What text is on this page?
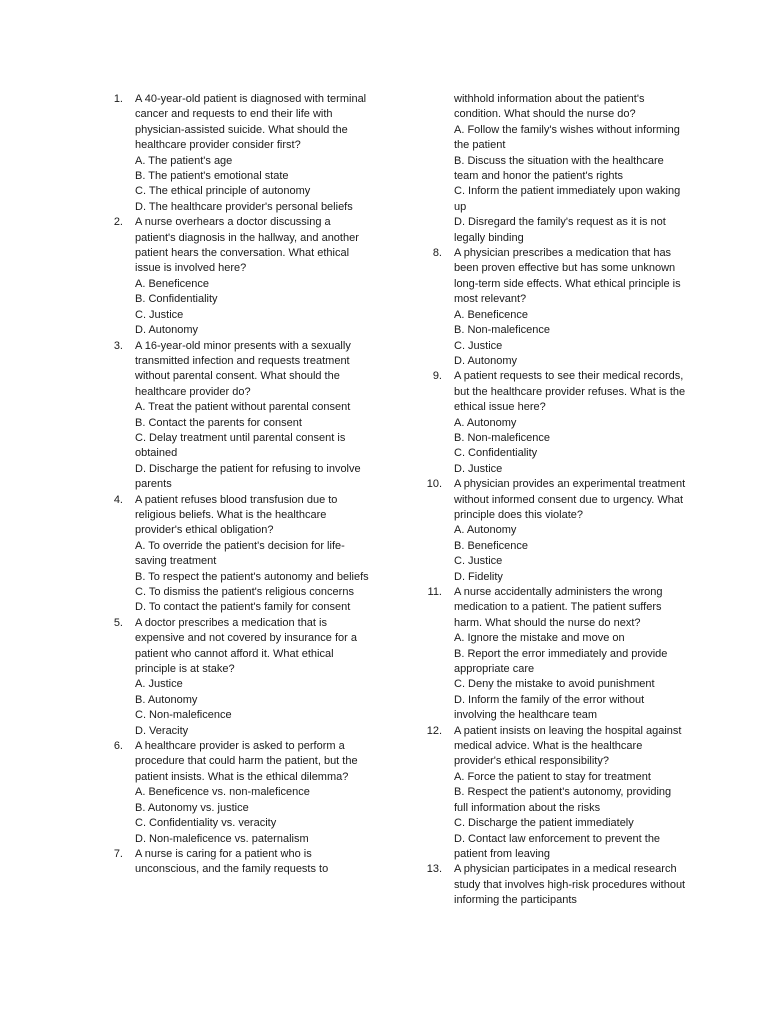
1. A 40-year-old patient is diagnosed with terminal cancer and requests to end their life with physician-assisted suicide. What should the healthcare provider consider first?
A. The patient's age
B. The patient's emotional state
C. The ethical principle of autonomy
D. The healthcare provider's personal beliefs
2. A nurse overhears a doctor discussing a patient's diagnosis in the hallway, and another patient hears the conversation. What ethical issue is involved here?
A. Beneficence
B. Confidentiality
C. Justice
D. Autonomy
3. A 16-year-old minor presents with a sexually transmitted infection and requests treatment without parental consent. What should the healthcare provider do?
A. Treat the patient without parental consent
B. Contact the parents for consent
C. Delay treatment until parental consent is obtained
D. Discharge the patient for refusing to involve parents
4. A patient refuses blood transfusion due to religious beliefs. What is the healthcare provider's ethical obligation?
A. To override the patient's decision for life-saving treatment
B. To respect the patient's autonomy and beliefs
C. To dismiss the patient's religious concerns
D. To contact the patient's family for consent
5. A doctor prescribes a medication that is expensive and not covered by insurance for a patient who cannot afford it. What ethical principle is at stake?
A. Justice
B. Autonomy
C. Non-maleficence
D. Veracity
6. A healthcare provider is asked to perform a procedure that could harm the patient, but the patient insists. What is the ethical dilemma?
A. Beneficence vs. non-maleficence
B. Autonomy vs. justice
C. Confidentiality vs. veracity
D. Non-maleficence vs. paternalism
7. A nurse is caring for a patient who is unconscious, and the family requests to
withhold information about the patient's condition. What should the nurse do?
A. Follow the family's wishes without informing the patient
B. Discuss the situation with the healthcare team and honor the patient's rights
C. Inform the patient immediately upon waking up
D. Disregard the family's request as it is not legally binding
8. A physician prescribes a medication that has been proven effective but has some unknown long-term side effects. What ethical principle is most relevant?
A. Beneficence
B. Non-maleficence
C. Justice
D. Autonomy
9. A patient requests to see their medical records, but the healthcare provider refuses. What is the ethical issue here?
A. Autonomy
B. Non-maleficence
C. Confidentiality
D. Justice
10. A physician provides an experimental treatment without informed consent due to urgency. What principle does this violate?
A. Autonomy
B. Beneficence
C. Justice
D. Fidelity
11. A nurse accidentally administers the wrong medication to a patient. The patient suffers harm. What should the nurse do next?
A. Ignore the mistake and move on
B. Report the error immediately and provide appropriate care
C. Deny the mistake to avoid punishment
D. Inform the family of the error without involving the healthcare team
12. A patient insists on leaving the hospital against medical advice. What is the healthcare provider's ethical responsibility?
A. Force the patient to stay for treatment
B. Respect the patient's autonomy, providing full information about the risks
C. Discharge the patient immediately
D. Contact law enforcement to prevent the patient from leaving
13. A physician participates in a medical research study that involves high-risk procedures without informing the participants
